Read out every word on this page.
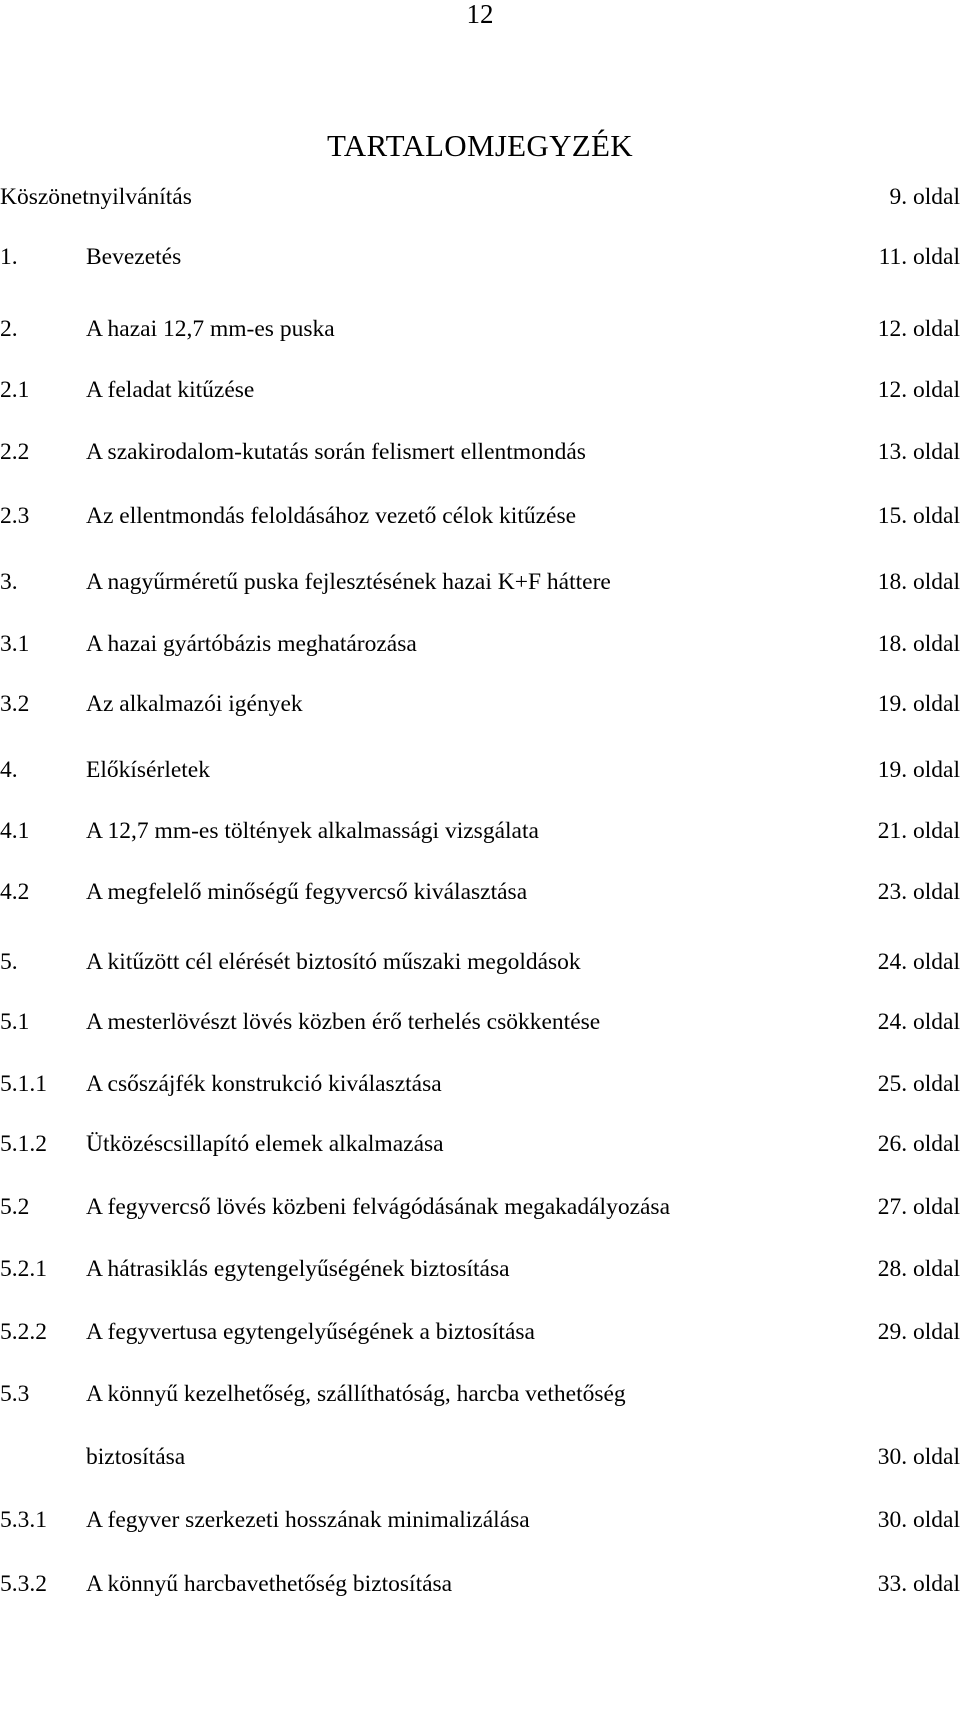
12
TARTALOMJEGYZÉK
Köszönetnyilvánítás	9. oldal
1.	Bevezetés	11. oldal
2.	A hazai 12,7 mm-es puska	12. oldal
2.1 A feladat kitűzése	12. oldal
2.2 A szakirodalom-kutatás során felismert ellentmondás	13. oldal
2.3 Az ellentmondás feloldásához vezető célok kitűzése	15. oldal
3.	A nagyűrméretű puska fejlesztésének hazai K+F háttere	18. oldal
3.1 A hazai gyártóbázis meghatározása	18. oldal
3.2 Az alkalmazói igények	19. oldal
4.	Előkísérletek	19. oldal
4.1 A 12,7 mm-es töltények alkalmassági vizsgálata	21. oldal
4.2 A megfelelő minőségű fegyvercső kiválasztása	23. oldal
5.	A kitűzött cél elérését biztosító műszaki megoldások	24. oldal
5.1 A mesterlövészt lövés közben érő terhelés csökkentése	24. oldal
5.1.1 A csőszájfék konstrukció kiválasztása	25. oldal
5.1.2 Ütközéscsillapító elemek alkalmazása	26. oldal
5.2 A fegyvercső lövés közbeni felvágódásának megakadályozása	27. oldal
5.2.1 A hátrasiklás egytengelyűségének biztosítása	28. oldal
5.2.2 A fegyvertusa egytengelyűségének a biztosítása	29. oldal
5.3 A könnyű kezelhetőség, szállíthatóság, harcba vethetőség
biztosítása	30. oldal
5.3.1 A fegyver szerkezeti hosszának minimalizálása	30. oldal
5.3.2 A könnyű harcbavethetőség biztosítása	33. oldal
